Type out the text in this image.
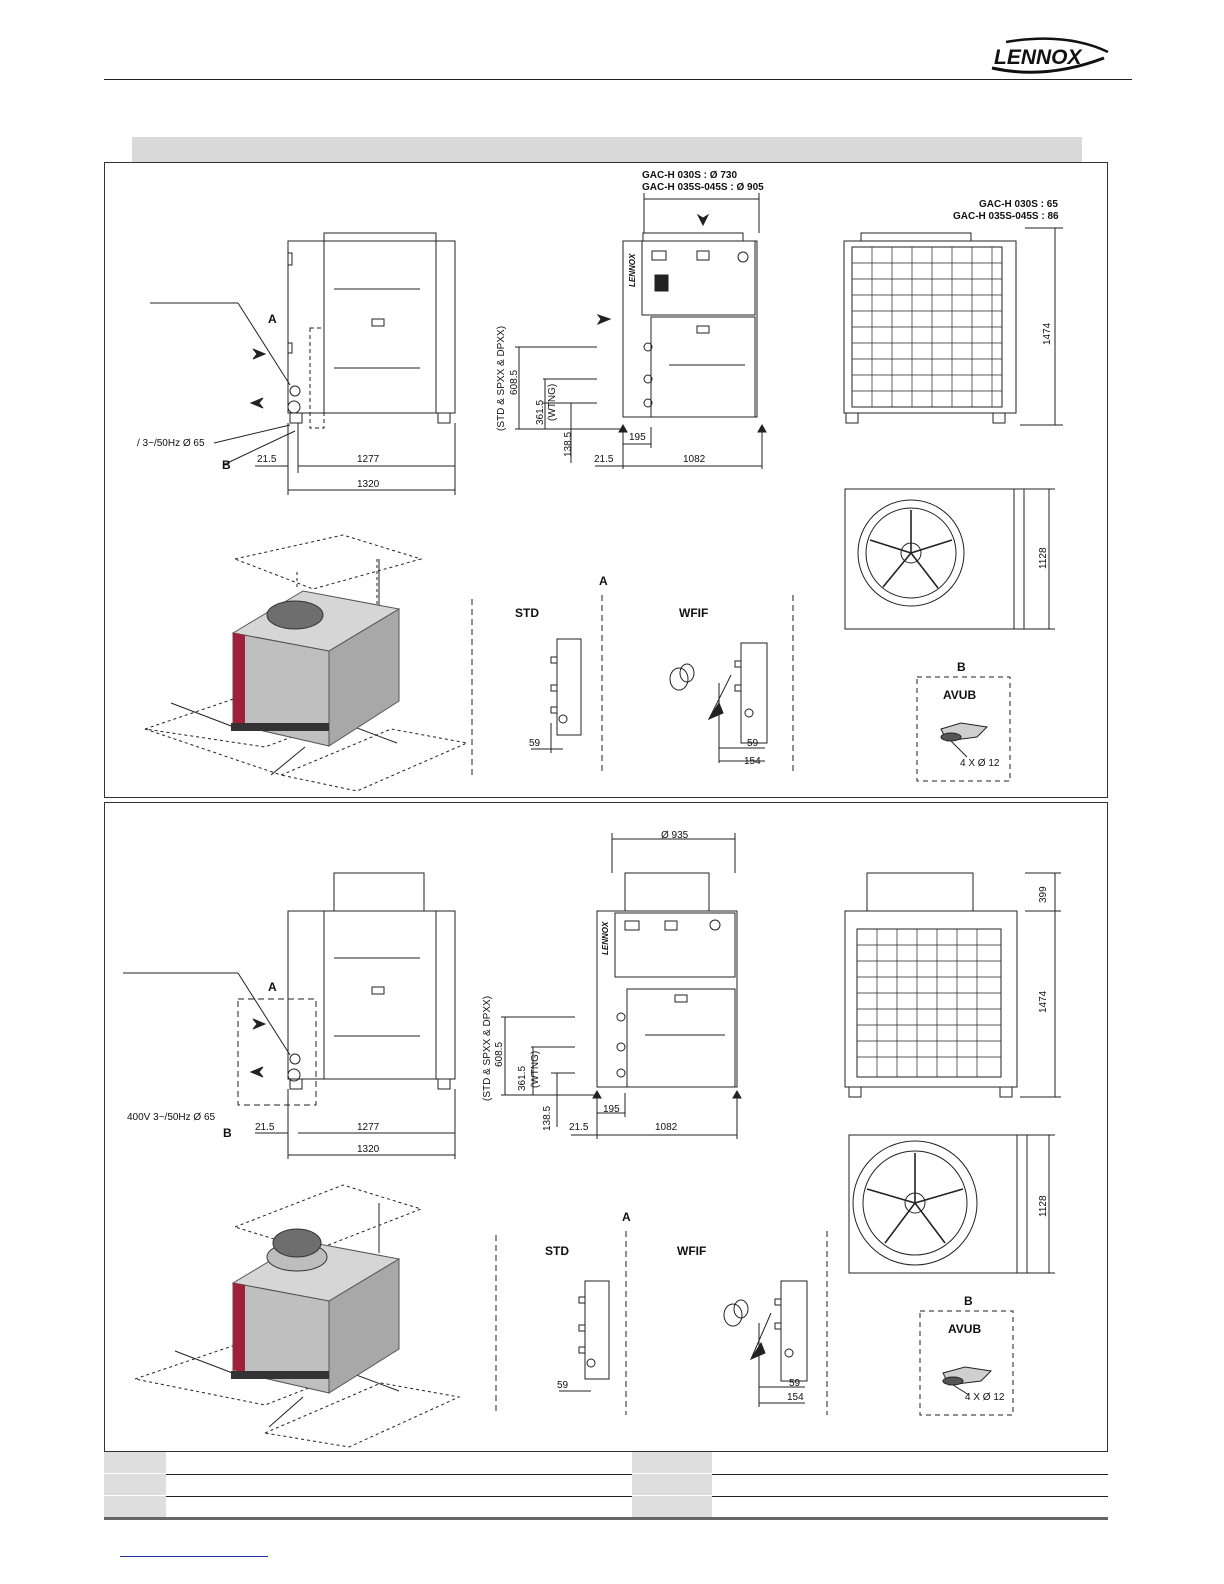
LENNOX
A
B
/ 3~/50Hz Ø 65
21.5	1277
1320
GAC-H 030S : Ø 730
GAC-H 035S-045S : Ø 905
(STD & SPXX & DPXX) 608.5
361.5 (WTNG)
138.5	195
21.5	1082
LENNOX
GAC-H 030S : 65
GAC-H 035S-045S : 86
1474
1128
A
STD	WFIF
59	59
154
B
AVUB
4 X Ø 12
A
B
400V 3~/50Hz Ø 65
21.5	1277
1320
Ø 935
(STD & SPXX & DPXX) 608.5
361.5 (WTNG)
138.5	195
21.5	1082
LENNOX
399
1474
1128
A
STD	WFIF
59	59
154
B
AVUB
4 X Ø 12
